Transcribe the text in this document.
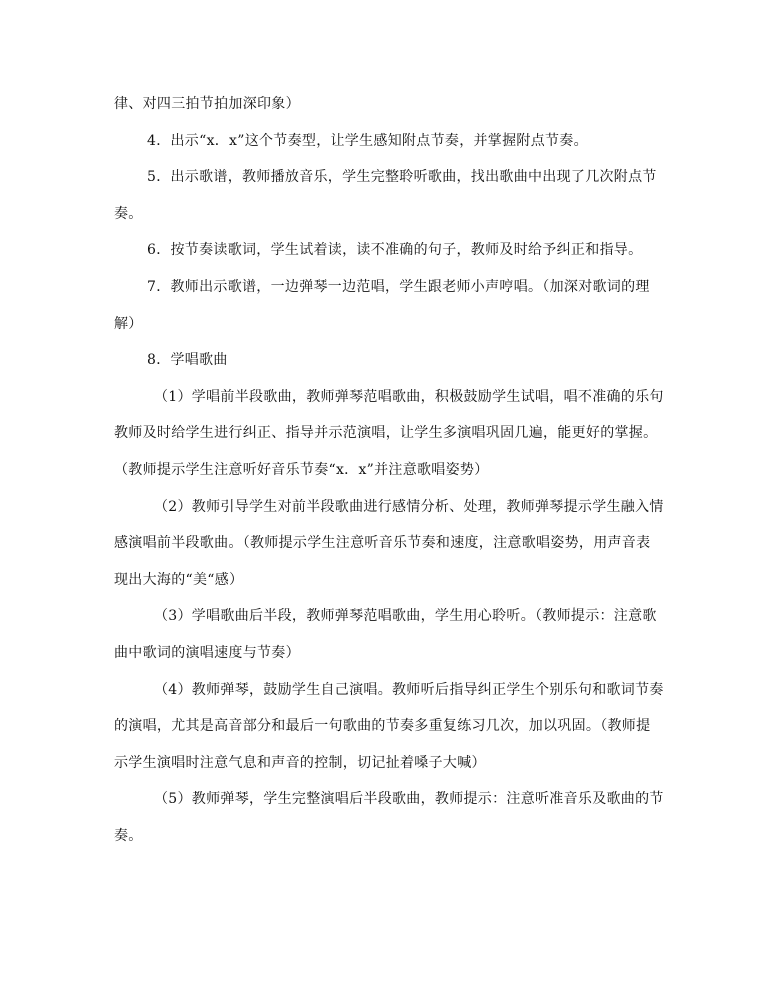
律、对四三拍节拍加深印象）

4．出示“x．x”这个节奏型，让学生感知附点节奏，并掌握附点节奏。

5．出示歌谱，教师播放音乐，学生完整聆听歌曲，找出歌曲中出现了几次附点节奏。

6．按节奏读歌词，学生试着读，读不准确的句子，教师及时给予纠正和指导。

7．教师出示歌谱，一边弹琴一边范唱，学生跟老师小声哼唱。（加深对歌词的理解）

8．学唱歌曲

（1）学唱前半段歌曲，教师弹琴范唱歌曲，积极鼓励学生试唱，唱不准确的乐句教师及时给学生进行纠正、指导并示范演唱，让学生多演唱巩固几遍，能更好的掌握。（教师提示学生注意听好音乐节奏“x．x”并注意歌唱姿势）

（2）教师引导学生对前半段歌曲进行感情分析、处理，教师弹琴提示学生融入情感演唱前半段歌曲。（教师提示学生注意听音乐节奏和速度，注意歌唱姿势，用声音表现出大海的“美“感）

（3）学唱歌曲后半段，教师弹琴范唱歌曲，学生用心聆听。（教师提示：注意歌曲中歌词的演唱速度与节奏）

（4）教师弹琴，鼓励学生自己演唱。教师听后指导纠正学生个别乐句和歌词节奏的演唱，尤其是高音部分和最后一句歌曲的节奏多重复练习几次，加以巩固。（教师提示学生演唱时注意气息和声音的控制，切记扯着嗓子大喊）

（5）教师弹琴，学生完整演唱后半段歌曲，教师提示：注意听准音乐及歌曲的节奏。
